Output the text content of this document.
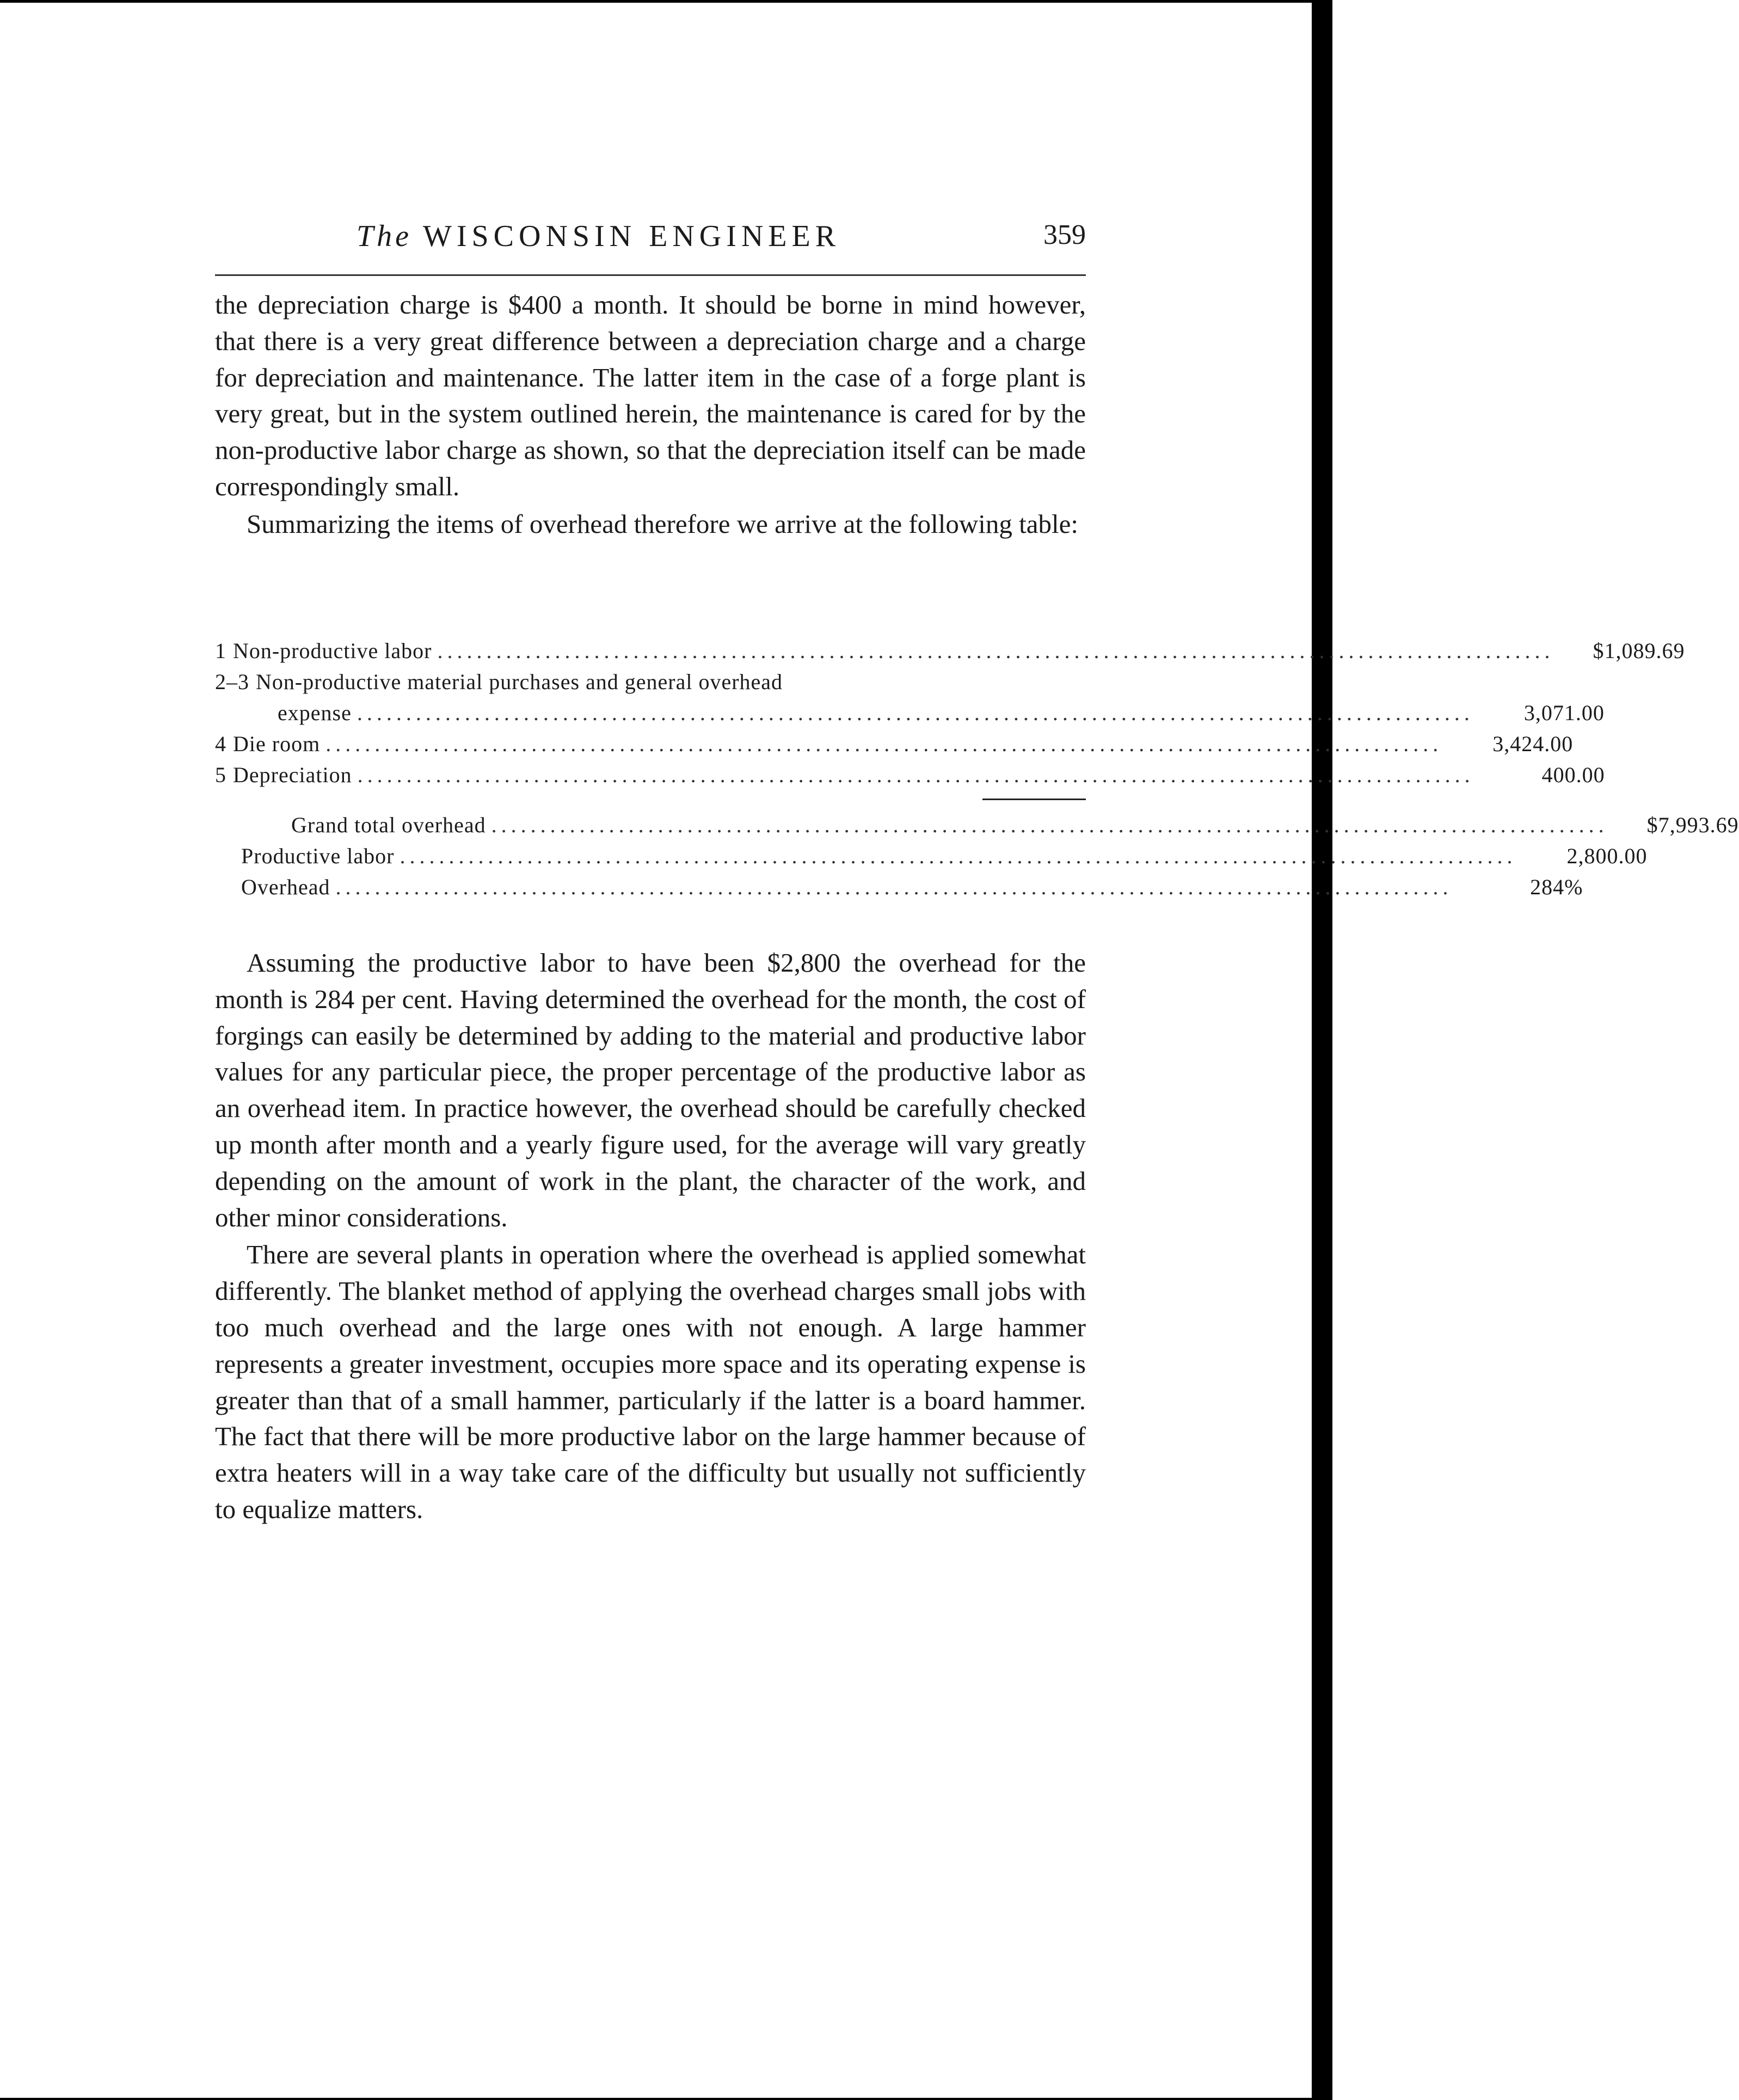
The WISCONSIN ENGINEER	359

the depreciation charge is $400 a month. It should be borne in mind however, that there is a very great difference between a depreciation charge and a charge for depreciation and maintenance. The latter item in the case of a forge plant is very great, but in the system outlined herein, the maintenance is cared for by the non-productive labor charge as shown, so that the depreciation itself can be made correspondingly small.

Summarizing the items of overhead therefore we arrive at the following table:

1 Non-productive labor ..................................................................................................................	$1,089.69
2–3 Non-productive material purchases and general overhead
expense ..................................................................................................................	3,071.00
4 Die room ..................................................................................................................	3,424.00
5 Depreciation ..................................................................................................................	400.00
Grand total overhead ..................................................................................................................	$7,993.69
Productive labor ..................................................................................................................	2,800.00
Overhead ..................................................................................................................	284%

Assuming the productive labor to have been $2,800 the overhead for the month is 284 per cent. Having determined the overhead for the month, the cost of forgings can easily be determined by adding to the material and productive labor values for any particular piece, the proper percentage of the productive labor as an overhead item. In practice however, the overhead should be carefully checked up month after month and a yearly figure used, for the average will vary greatly depending on the amount of work in the plant, the character of the work, and other minor considerations.

There are several plants in operation where the overhead is applied somewhat differently. The blanket method of applying the overhead charges small jobs with too much overhead and the large ones with not enough. A large hammer represents a greater investment, occupies more space and its operating expense is greater than that of a small hammer, particularly if the latter is a board hammer. The fact that there will be more productive labor on the large hammer because of extra heaters will in a way take care of the difficulty but usually not sufficiently to equalize matters.
